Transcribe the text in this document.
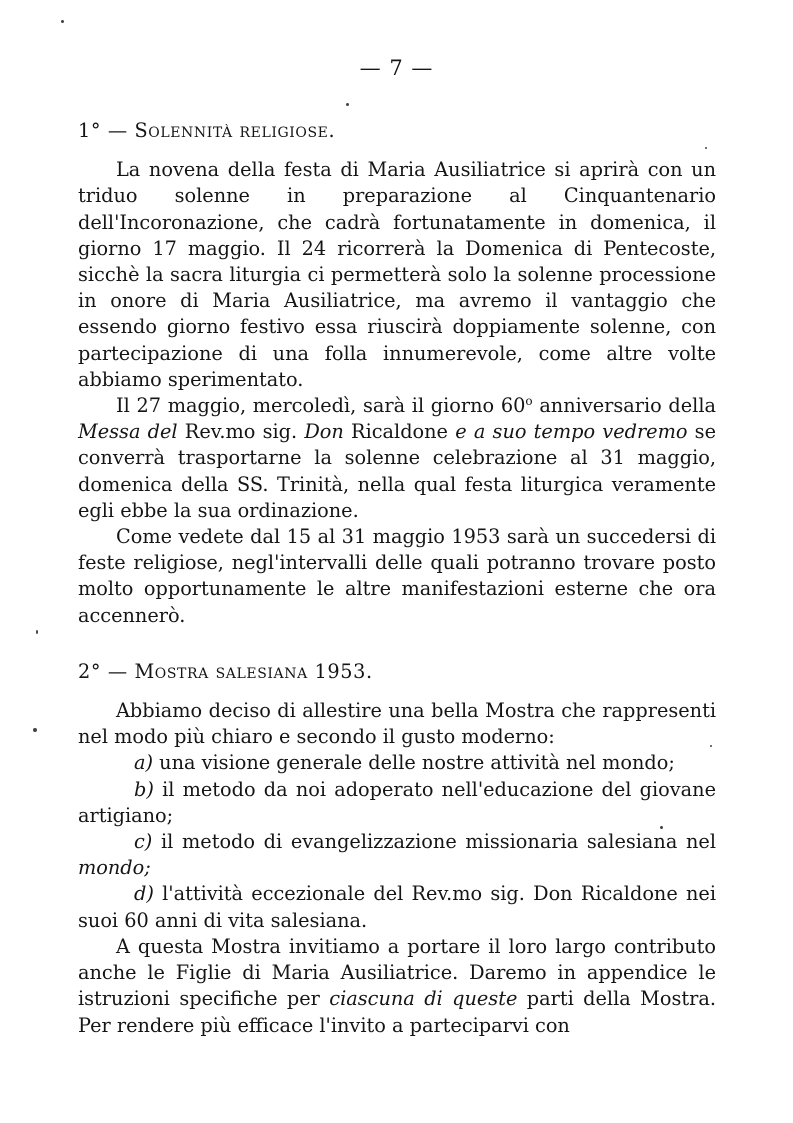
— 7 —
1° — Solennità religiose.

La novena della festa di Maria Ausiliatrice si aprirà con un triduo solenne in preparazione al Cinquantenario dell'Incoronazione, che cadrà fortunatamente in domenica, il giorno 17 maggio. Il 24 ricorrerà la Domenica di Pentecoste, sicchè la sacra liturgia ci permetterà solo la solenne processione in onore di Maria Ausiliatrice, ma avremo il vantaggio che essendo giorno festivo essa riuscirà doppiamente solenne, con partecipazione di una folla innumerevole, come altre volte abbiamo sperimentato.

Il 27 maggio, mercoledì, sarà il giorno 60$^o$ anniversario della Messa del Rev.mo sig. Don Ricaldone e a suo tempo vedremo se converrà trasportarne la solenne celebrazione al 31 maggio, domenica della SS. Trinità, nella qual festa liturgica veramente egli ebbe la sua ordinazione.

Come vedete dal 15 al 31 maggio 1953 sarà un succedersi di feste religiose, negl'intervalli delle quali potranno trovare posto molto opportunamente le altre manifestazioni esterne che ora accennerò.

2° — Mostra salesiana 1953.

Abbiamo deciso di allestire una bella Mostra che rappresenti nel modo più chiaro e secondo il gusto moderno:

a) una visione generale delle nostre attività nel mondo;

b) il metodo da noi adoperato nell'educazione del giovane artigiano;

c) il metodo di evangelizzazione missionaria salesiana nel mondo;

d) l'attività eccezionale del Rev.mo sig. Don Ricaldone nei suoi 60 anni di vita salesiana.

A questa Mostra invitiamo a portare il loro largo contributo anche le Figlie di Maria Ausiliatrice. Daremo in appendice le istruzioni specifiche per ciascuna di queste parti della Mostra. Per rendere più efficace l'invito a parteciparvi con
